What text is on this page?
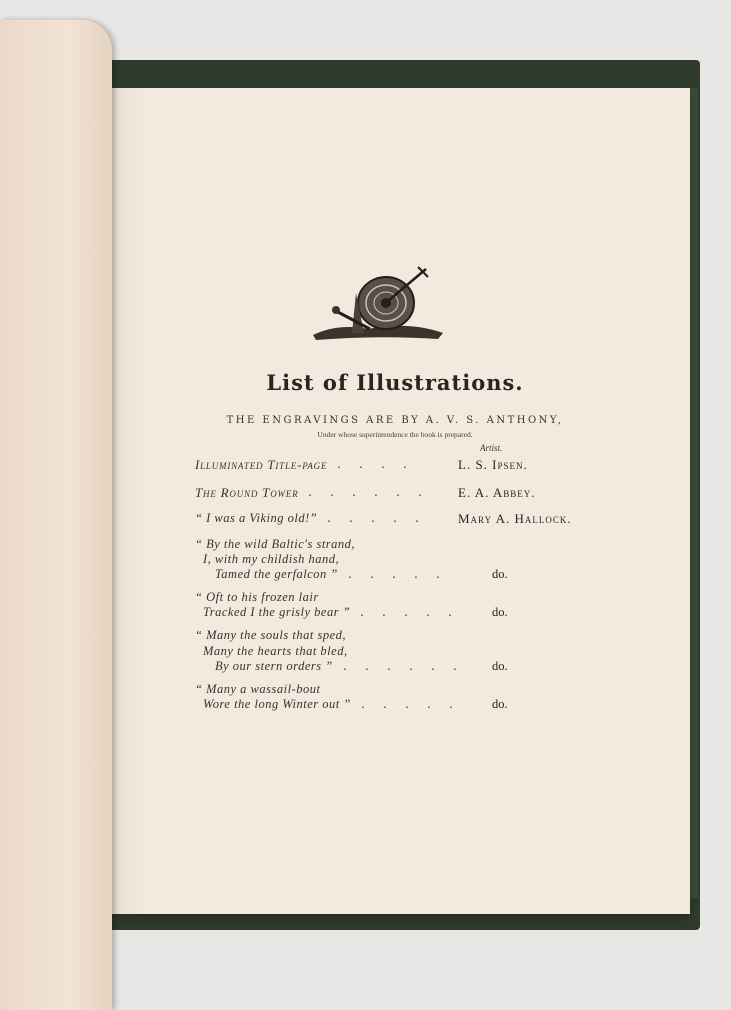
List of Illustrations.
THE ENGRAVINGS ARE BY A. V. S. ANTHONY,
Under whose superintendence the book is prepared.
Artist.
Illuminated Title-page . . . .	L. S. Ipsen.
The Round Tower . . . . . .	E. A. Abbey.
“ I was a Viking old!” . . . . .	Mary A. Hallock.
“ By the wild Baltic's strand,
I, with my childish hand,
Tamed the gerfalcon ” . . . . .	do.
“ Oft to his frozen lair
Tracked I the grisly bear ” . . . . .	do.
“ Many the souls that sped,
Many the hearts that bled,
By our stern orders ” . . . . . .	do.
“ Many a wassail-bout
Wore the long Winter out ” . . . . .	do.
